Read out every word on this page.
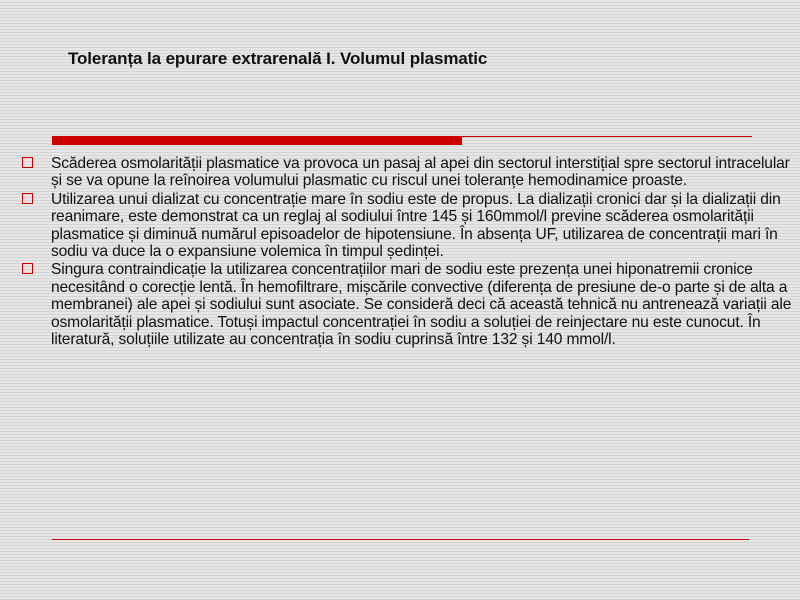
Toleranța la epurare extrarenală I. Volumul plasmatic
Scăderea osmolarității plasmatice va provoca un pasaj al apei din sectorul interstițial spre sectorul intracelular și se va opune la reînoirea volumului plasmatic cu riscul unei toleranțe hemodinamice proaste.
Utilizarea unui dializat cu concentrație mare în sodiu este de propus. La dializații cronici dar și la dializații din reanimare, este demonstrat ca un reglaj al sodiului între 145 și 160mmol/l previne scăderea osmolarității plasmatice și diminuă numărul episoadelor de hipotensiune. În absența UF, utilizarea de concentrații mari în sodiu va duce la o expansiune volemica în timpul ședinței.
Singura contraindicație la utilizarea concentrațiilor mari de sodiu este prezența unei hiponatremii cronice necesitând o corecție lentă. În hemofiltrare, mișcările convective (diferența de presiune de-o parte și de alta a membranei) ale apei și sodiului sunt asociate. Se consideră deci că această tehnică nu antrenează variații ale osmolarității plasmatice. Totuși impactul concentrației în sodiu a soluției de reinjectare nu este cunocut. În literatură, soluțiile utilizate au concentrația în sodiu cuprinsă între 132 și 140 mmol/l.
